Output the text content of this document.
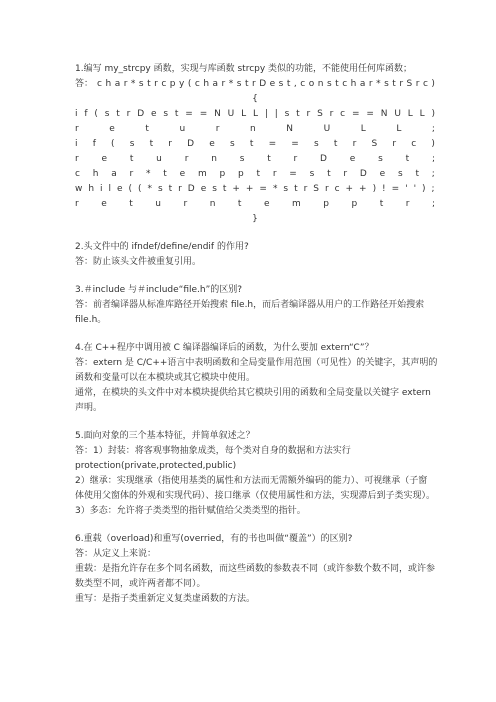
1.编写 my_strcpy 函数，实现与库函数 strcpy 类似的功能，不能使用任何库函数；
答： c h a r * s t r c p y ( c h a r * s t r D e s t , c o n s t c h a r * s t r S r c )
{
i f ( s t r D e s t = = N U L L | | s t r S r c = = N U L L )
r	e	t	u	r	n	N	U	L	L	;
i f ( s t r D e s t = = s t r S r c )
r	e	t	u	r	n	s	t	r	D	e	s	t	;
c h a r * t e m p p t r = s t r D e s t ;
w h i l e ( ( * s t r D e s t + + = * s t r S r c + + ) ! = ' ' ) ;
r	e	t	u	r	n	t	e	m	p	p	t	r	;
}
2.头文件中的 ifndef/define/endif 的作用?
答：防止该头文件被重复引用。
3.＃include 与＃include“file.h”的区别?
答：前者编译器从标准库路径开始搜索 file.h，而后者编译器从用户的工作路径开始搜索
file.h。
4.在 C++程序中调用被 C 编译器编译后的函数，为什么要加 extern“C”？
答：extern 是 C/C++语言中表明函数和全局变量作用范围（可见性）的关键字，其声明的
函数和变量可以在本模块或其它模块中使用。
通常，在模块的头文件中对本模块提供给其它模块引用的函数和全局变量以关键字 extern
声明。
5.面向对象的三个基本特征，并简单叙述之？
答：1）封装：将客观事物抽象成类，每个类对自身的数据和方法实行
protection(private,protected,public)
2）继承：实现继承（指使用基类的属性和方法而无需额外编码的能力）、可视继承（子窗
体使用父窗体的外观和实现代码）、接口继承（仅使用属性和方法，实现滞后到子类实现）。
3）多态：允许将子类类型的指针赋值给父类类型的指针。
6.重载（overload)和重写(overried，有的书也叫做“覆盖”）的区别?
答：从定义上来说：
重载：是指允许存在多个同名函数，而这些函数的参数表不同（或许参数个数不同，或许参
数类型不同，或许两者都不同）。
重写：是指子类重新定义复类虚函数的方法。
